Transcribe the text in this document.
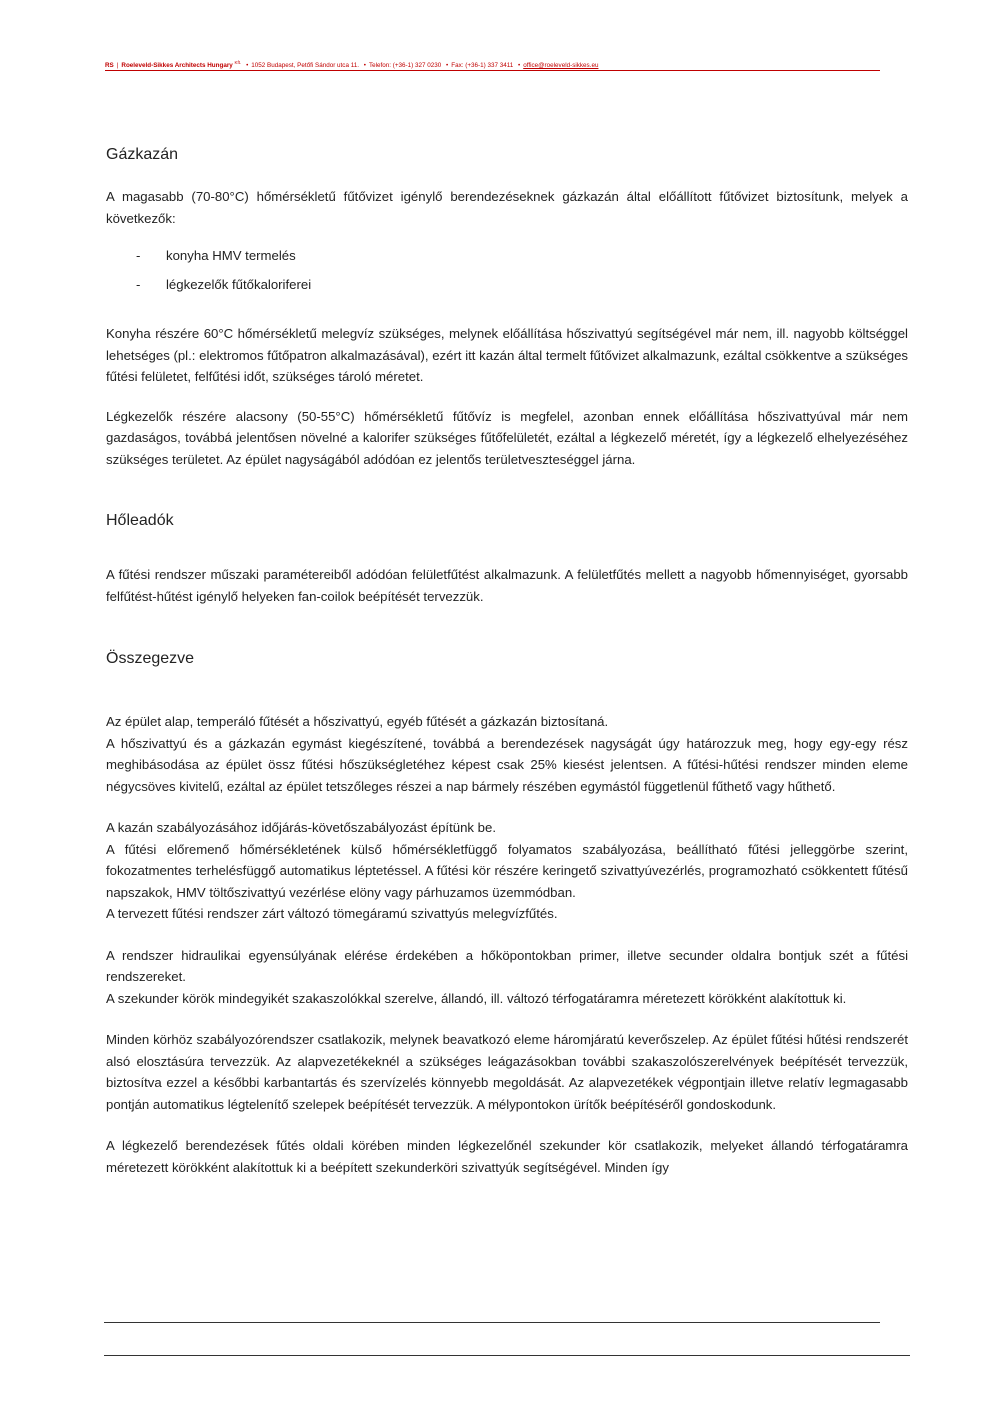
RS | Roeleveld-Sikkes Architects Hungary $^{Kft.}$ • 1052 Budapest, Petőfi Sándor utca 11. • Telefon: (+36-1) 327 0230 • Fax: (+36-1) 337 3411 • office@roeleveld-sikkes.eu
Gázkazán

A magasabb (70-80°C) hőmérsékletű fűtővizet igénylő berendezéseknek gázkazán által előállított fűtővizet biztosítunk, melyek a következők:

- konyha HMV termelés
- légkezelők fűtőkaloriferei

Konyha részére 60°C hőmérsékletű melegvíz szükséges, melynek előállítása hőszivattyú segítségével már nem, ill. nagyobb költséggel lehetséges (pl.: elektromos fűtőpatron alkalmazásával), ezért itt kazán által termelt fűtővizet alkalmazunk, ezáltal csökkentve a szükséges fűtési felületet, felfűtési időt, szükséges tároló méretet.

Légkezelők részére alacsony (50-55°C) hőmérsékletű fűtővíz is megfelel, azonban ennek előállítása hőszivattyúval már nem gazdaságos, továbbá jelentősen növelné a kalorifer szükséges fűtőfelületét, ezáltal a légkezelő méretét, így a légkezelő elhelyezéséhez szükséges területet. Az épület nagyságából adódóan ez jelentős területveszteséggel járna.

Hőleadók

A fűtési rendszer műszaki paramétereiből adódóan felületfűtést alkalmazunk. A felületfűtés mellett a nagyobb hőmennyiséget, gyorsabb felfűtést-hűtést igénylő helyeken fan-coilok beépítését tervezzük.

Összegezve

Az épület alap, temperáló fűtését a hőszivattyú, egyéb fűtését a gázkazán biztosítaná.

A hőszivattyú és a gázkazán egymást kiegészítené, továbbá a berendezések nagyságát úgy határozzuk meg, hogy egy-egy rész meghibásodása az épület össz fűtési hőszükségletéhez képest csak 25% kiesést jelentsen. A fűtési-hűtési rendszer minden eleme négycsöves kivitelű, ezáltal az épület tetszőleges részei a nap bármely részében egymástól függetlenül fűthető vagy hűthető.

A kazán szabályozásához időjárás-követőszabályozást építünk be.

A fűtési előremenő hőmérsékletének külső hőmérsékletfüggő folyamatos szabályozása, beállítható fűtési jelleggörbe szerint, fokozatmentes terhelésfüggő automatikus léptetéssel. A fűtési kör részére keringető szivattyúvezérlés, programozható csökkentett fűtésű napszakok, HMV töltőszivattyú vezérlése elöny vagy párhuzamos üzemmódban.

A tervezett fűtési rendszer zárt változó tömegáramú szivattyús melegvízfűtés.

A rendszer hidraulikai egyensúlyának elérése érdekében a hőköpontokban primer, illetve secunder oldalra bontjuk szét a fűtési rendszereket.

A szekunder körök mindegyikét szakaszolókkal szerelve, állandó, ill. változó térfogatáramra méretezett körökként alakítottuk ki.

Minden körhöz szabályozórendszer csatlakozik, melynek beavatkozó eleme háromjáratú keverőszelep. Az épület fűtési hűtési rendszerét alsó elosztásúra tervezzük. Az alapvezetékeknél a szükséges leágazásokban további szakaszolószerelvények beépítését tervezzük, biztosítva ezzel a későbbi karbantartás és szervízelés könnyebb megoldását. Az alapvezetékek végpontjain illetve relatív legmagasabb pontján automatikus légtelenítő szelepek beépítését tervezzük. A mélypontokon ürítők beépítéséről gondoskodunk.

A légkezelő berendezések fűtés oldali körében minden légkezelőnél szekunder kör csatlakozik, melyeket állandó térfogatáramra méretezett körökként alakítottuk ki a beépített szekunderköri szivattyúk segítségével. Minden így
